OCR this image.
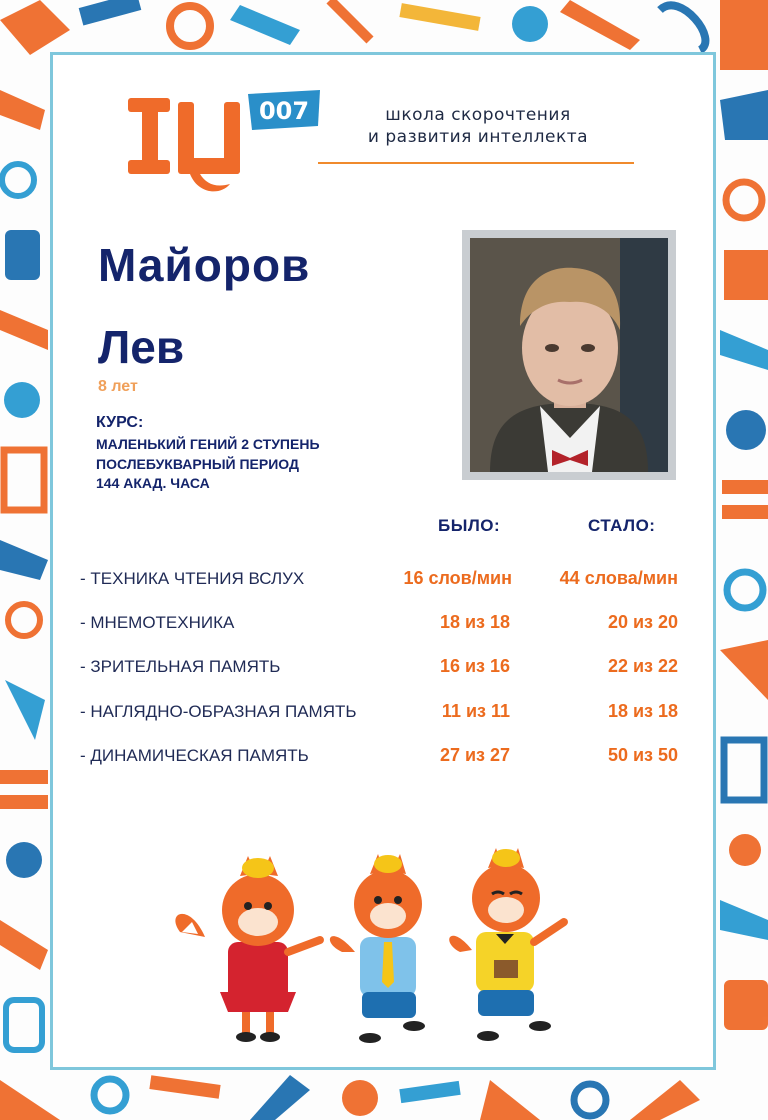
007	школа скорочтения
и развития интеллекта
Майоров
Лев
8 лет
КУРС:
МАЛЕНЬКИЙ ГЕНИЙ 2 СТУПЕНЬ
ПОСЛЕБУКВАРНЫЙ ПЕРИОД
144 АКАД. ЧАСА
БЫЛО:	СТАЛО:
- ТЕХНИКА ЧТЕНИЯ ВСЛУХ	16 слов/мин	44 слова/мин
- МНЕМОТЕХНИКА	18 из 18	20 из 20
- ЗРИТЕЛЬНАЯ ПАМЯТЬ	16 из 16	22 из 22
- НАГЛЯДНО-ОБРАЗНАЯ ПАМЯТЬ	11 из 11	18 из 18
- ДИНАМИЧЕСКАЯ ПАМЯТЬ	27 из 27	50 из 50
